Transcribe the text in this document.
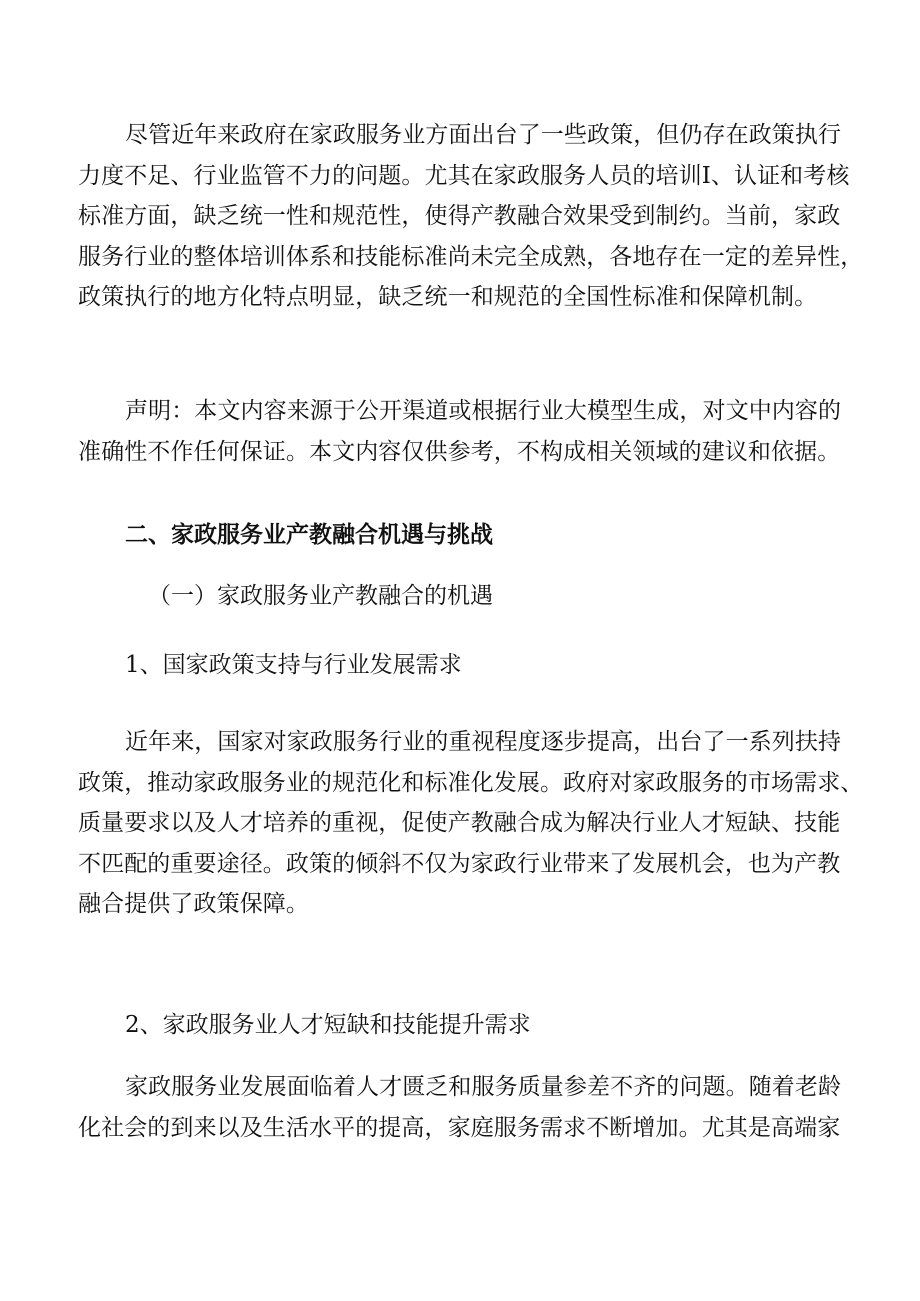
尽管近年来政府在家政服务业方面出台了一些政策，但仍存在政策执行
力度不足、行业监管不力的问题。尤其在家政服务人员的培训I、认证和考核
标准方面，缺乏统一性和规范性，使得产教融合效果受到制约。当前，家政
服务行业的整体培训体系和技能标准尚未完全成熟，各地存在一定的差异性，
政策执行的地方化特点明显，缺乏统一和规范的全国性标准和保障机制。
声明：本文内容来源于公开渠道或根据行业大模型生成，对文中内容的
准确性不作任何保证。本文内容仅供参考，不构成相关领域的建议和依据。
二、家政服务业产教融合机遇与挑战
（一）家政服务业产教融合的机遇
1、国家政策支持与行业发展需求
近年来，国家对家政服务行业的重视程度逐步提高，出台了一系列扶持
政策，推动家政服务业的规范化和标准化发展。政府对家政服务的市场需求、
质量要求以及人才培养的重视，促使产教融合成为解决行业人才短缺、技能
不匹配的重要途径。政策的倾斜不仅为家政行业带来了发展机会，也为产教
融合提供了政策保障。
2、家政服务业人才短缺和技能提升需求
家政服务业发展面临着人才匮乏和服务质量参差不齐的问题。随着老龄
化社会的到来以及生活水平的提高，家庭服务需求不断增加。尤其是高端家
